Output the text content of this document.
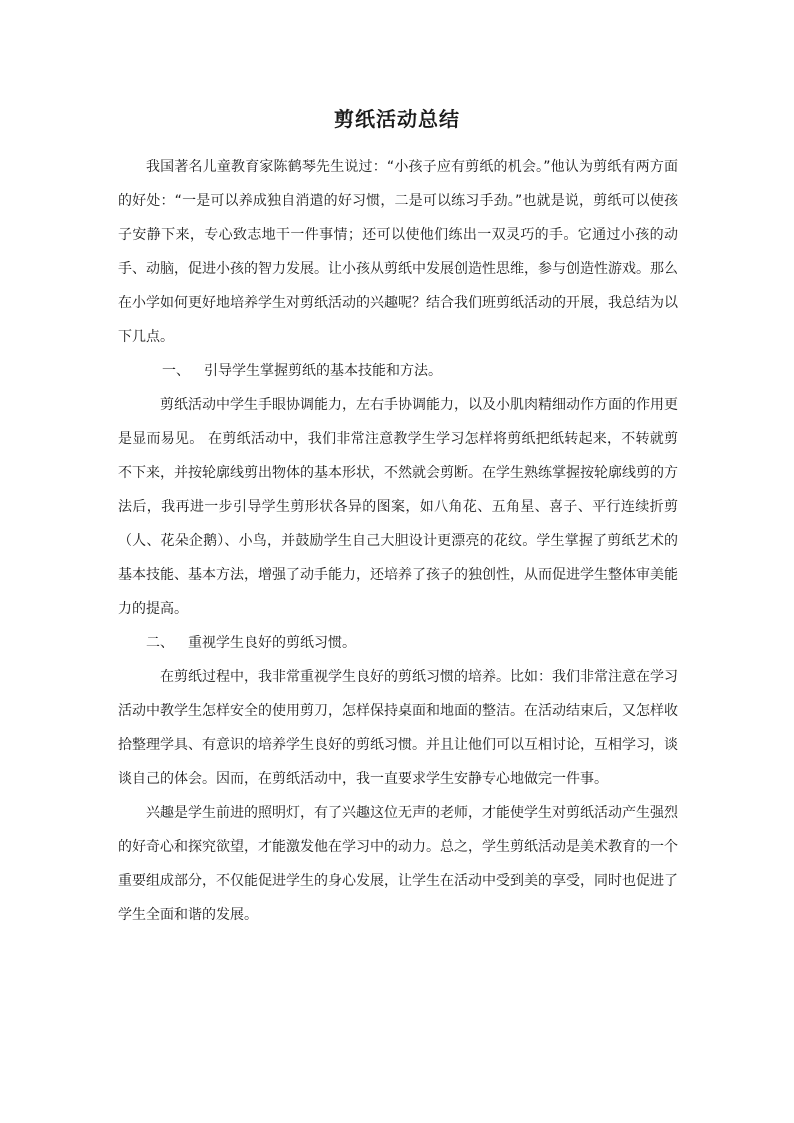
剪纸活动总结

我国著名儿童教育家陈鹤琴先生说过：“小孩子应有剪纸的机会。”他认为剪纸有两方面的好处：“一是可以养成独自消遣的好习惯，二是可以练习手劲。”也就是说，剪纸可以使孩子安静下来，专心致志地干一件事情；还可以使他们练出一双灵巧的手。它通过小孩的动手、动脑，促进小孩的智力发展。让小孩从剪纸中发展创造性思维，参与创造性游戏。那么在小学如何更好地培养学生对剪纸活动的兴趣呢？结合我们班剪纸活动的开展，我总结为以下几点。

一、 引导学生掌握剪纸的基本技能和方法。

剪纸活动中学生手眼协调能力，左右手协调能力，以及小肌肉精细动作方面的作用更是显而易见。 在剪纸活动中，我们非常注意教学生学习怎样将剪纸把纸转起来，不转就剪不下来，并按轮廓线剪出物体的基本形状，不然就会剪断。在学生熟练掌握按轮廓线剪的方法后，我再进一步引导学生剪形状各异的图案，如八角花、五角星、喜子、平行连续折剪（人、花朵企鹅）、小鸟，并鼓励学生自己大胆设计更漂亮的花纹。学生掌握了剪纸艺术的基本技能、基本方法，增强了动手能力，还培养了孩子的独创性，从而促进学生整体审美能力的提高。

二、 重视学生良好的剪纸习惯。

在剪纸过程中，我非常重视学生良好的剪纸习惯的培养。比如：我们非常注意在学习活动中教学生怎样安全的使用剪刀，怎样保持桌面和地面的整洁。在活动结束后，又怎样收拾整理学具、有意识的培养学生良好的剪纸习惯。并且让他们可以互相讨论，互相学习，谈谈自己的体会。因而，在剪纸活动中，我一直要求学生安静专心地做完一件事。

兴趣是学生前进的照明灯，有了兴趣这位无声的老师，才能使学生对剪纸活动产生强烈的好奇心和探究欲望，才能激发他在学习中的动力。总之，学生剪纸活动是美术教育的一个重要组成部分，不仅能促进学生的身心发展，让学生在活动中受到美的享受，同时也促进了学生全面和谐的发展。
